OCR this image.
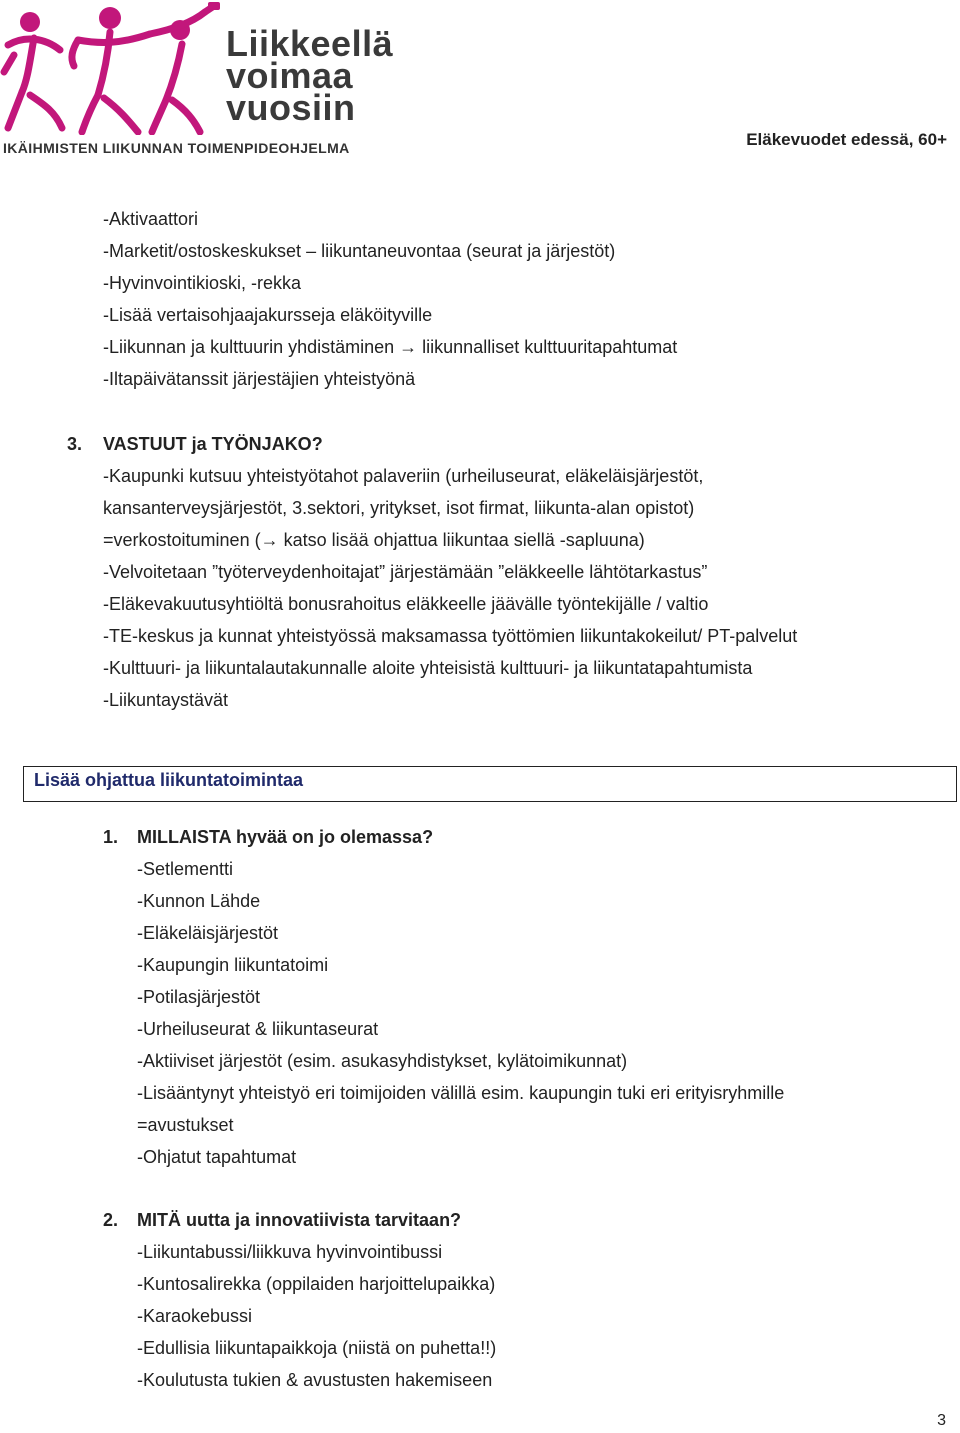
Liikkeellä
voimaa
vuosiin
IKÄIHMISTEN LIIKUNNAN TOIMENPIDEOHJELMA	Eläkevuodet edessä, 60+
-Aktivaattori
-Marketit/ostoskeskukset – liikuntaneuvontaa (seurat ja järjestöt)
-Hyvinvointikioski, -rekka
-Lisää vertaisohjaajakursseja eläköityville
-Liikunnan ja kulttuurin yhdistäminen → liikunnalliset kulttuuritapahtumat
-Iltapäivätanssit järjestäjien yhteistyönä
3. VASTUUT ja TYÖNJAKO?
-Kaupunki kutsuu yhteistyötahot palaveriin (urheiluseurat, eläkeläisjärjestöt,
kansanterveysjärjestöt, 3.sektori, yritykset, isot firmat, liikunta-alan opistot)
=verkostoituminen (→ katso lisää ohjattua liikuntaa siellä -sapluuna)
-Velvoitetaan ”työterveydenhoitajat” järjestämään ”eläkkeelle lähtötarkastus”
-Eläkevakuutusyhtiöltä bonusrahoitus eläkkeelle jäävälle työntekijälle / valtio
-TE-keskus ja kunnat yhteistyössä maksamassa työttömien liikuntakokeilut/ PT-palvelut
-Kulttuuri- ja liikuntalautakunnalle aloite yhteisistä kulttuuri- ja liikuntatapahtumista
-Liikuntaystävät
Lisää ohjattua liikuntatoimintaa
1. MILLAISTA hyvää on jo olemassa?
-Setlementti
-Kunnon Lähde
-Eläkeläisjärjestöt
-Kaupungin liikuntatoimi
-Potilasjärjestöt
-Urheiluseurat & liikuntaseurat
-Aktiiviset järjestöt (esim. asukasyhdistykset, kylätoimikunnat)
-Lisääntynyt yhteistyö eri toimijoiden välillä esim. kaupungin tuki eri erityisryhmille
=avustukset
-Ohjatut tapahtumat
2. MITÄ uutta ja innovatiivista tarvitaan?
-Liikuntabussi/liikkuva hyvinvointibussi
-Kuntosalirekka (oppilaiden harjoittelupaikka)
-Karaokebussi
-Edullisia liikuntapaikkoja (niistä on puhetta!!)
-Koulutusta tukien & avustusten hakemiseen
3
